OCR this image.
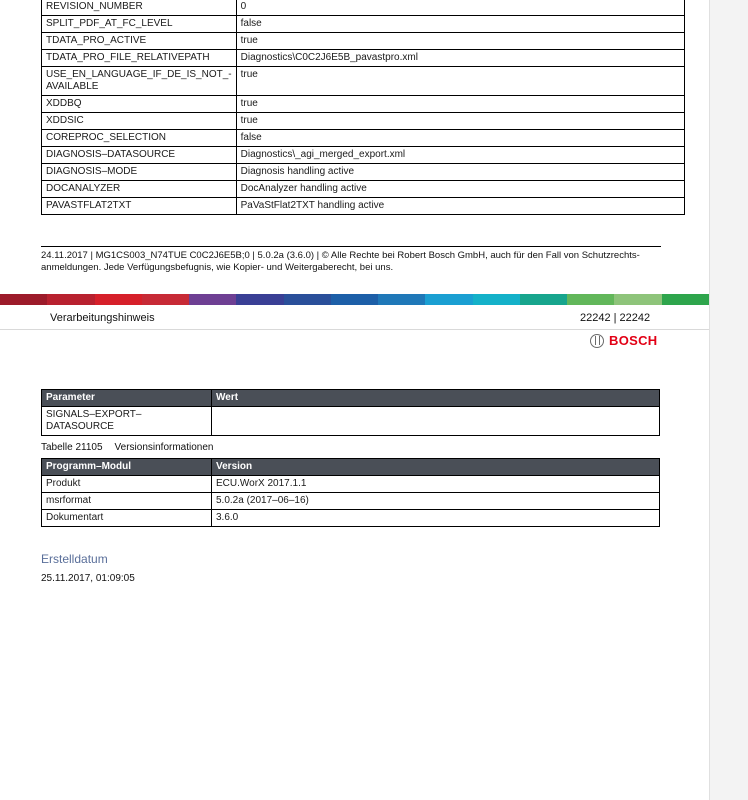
REVISION_NUMBER	0
SPLIT_PDF_AT_FC_LEVEL	false
TDATA_PRO_ACTIVE	true
TDATA_PRO_FILE_RELATIVEPATH	Diagnostics\C0C2J6E5B_pavastpro.xml
USE_EN_LANGUAGE_IF_DE_IS_NOT_-AVAILABLE	true
XDDBQ	true
XDDSIC	true
COREPROC_SELECTION	false
DIAGNOSIS–DATASOURCE	Diagnostics\_agi_merged_export.xml
DIAGNOSIS–MODE	Diagnosis handling active
DOCANALYZER	DocAnalyzer handling active
PAVASTFLAT2TXT	PaVaStFlat2TXT handling active
24.11.2017 | MG1CS003_N74TUE C0C2J6E5B;0 | 5.0.2a (3.6.0) | © Alle Rechte bei Robert Bosch GmbH, auch für den Fall von Schutzrechts-anmeldungen. Jede Verfügungsbefugnis, wie Kopier- und Weitergaberecht, bei uns.
Verarbeitungshinweis	22242 | 22242
BOSCH
Parameter	Wert
SIGNALS–EXPORT–DATASOURCE	
Tabelle 21105 Versionsinformationen
Programm–Modul	Version
Produkt	ECU.WorX 2017.1.1
msrformat	5.0.2a (2017–06–16)
Dokumentart	3.6.0
Erstelldatum
25.11.2017, 01:09:05
